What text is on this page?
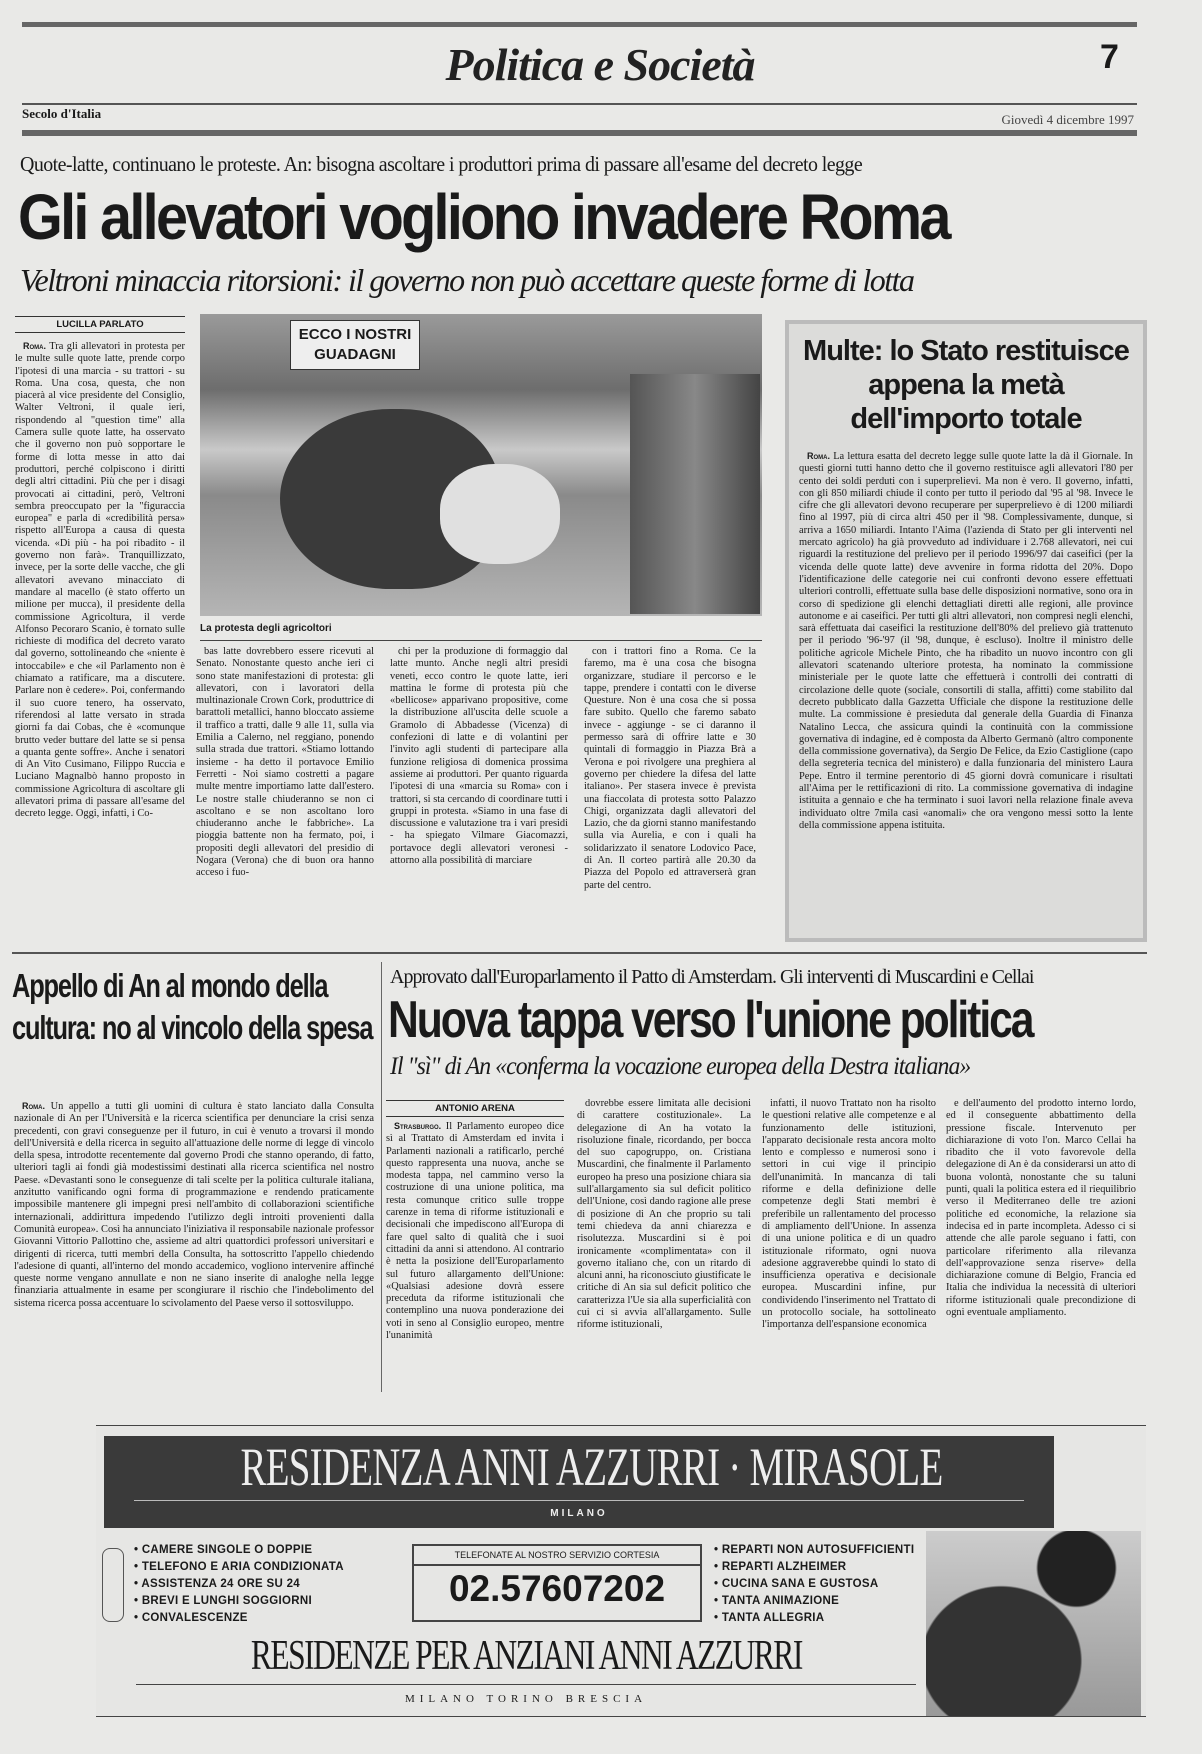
Politica e Società	7
Secolo d'Italia	Giovedì 4 dicembre 1997
Quote-latte, continuano le proteste. An: bisogna ascoltare i produttori prima di passare all'esame del decreto legge
Gli allevatori vogliono invadere Roma
Veltroni minaccia ritorsioni: il governo non può accettare queste forme di lotta
LUCILLA PARLATO

Roma. Tra gli allevatori in protesta per le multe sulle quote latte, prende corpo l'ipotesi di una marcia - su trattori - su Roma. Una cosa, questa, che non piacerà al vice presidente del Consiglio, Walter Veltroni, il quale ieri, rispondendo al "question time" alla Camera sulle quote latte, ha osservato che il governo non può sopportare le forme di lotta messe in atto dai produttori, perché colpiscono i diritti degli altri cittadini. Più che per i disagi provocati ai cittadini, però, Veltroni sembra preoccupato per la "figuraccia europea" e parla di «credibilità persa» rispetto all'Europa a causa di questa vicenda. «Di più - ha poi ribadito - il governo non farà». Tranquillizzato, invece, per la sorte delle vacche, che gli allevatori avevano minacciato di mandare al macello (è stato offerto un milione per mucca), il presidente della commissione Agricoltura, il verde Alfonso Pecoraro Scanio, è tornato sulle richieste di modifica del decreto varato dal governo, sottolineando che «niente è intoccabile» e che «il Parlamento non è chiamato a ratificare, ma a discutere. Parlare non è cedere». Poi, confermando il suo cuore tenero, ha osservato, riferendosi al latte versato in strada giorni fa dai Cobas, che è «comunque brutto veder buttare del latte se si pensa a quanta gente soffre». Anche i senatori di An Vito Cusimano, Filippo Ruccia e Luciano Magnalbò hanno proposto in commissione Agricoltura di ascoltare gli allevatori prima di passare all'esame del decreto legge. Oggi, infatti, i Co-

ECCO I NOSTRI GUADAGNI
La protesta degli agricoltori

bas latte dovrebbero essere ricevuti al Senato. Nonostante questo anche ieri ci sono state manifestazioni di protesta: gli allevatori, con i lavoratori della multinazionale Crown Cork, produttrice di barattoli metallici, hanno bloccato assieme il traffico a tratti, dalle 9 alle 11, sulla via Emilia a Calerno, nel reggiano, ponendo sulla strada due trattori. «Stiamo lottando insieme - ha detto il portavoce Emilio Ferretti - Noi siamo costretti a pagare multe mentre importiamo latte dall'estero. Le nostre stalle chiuderanno se non ci ascoltano e se non ascoltano loro chiuderanno anche le fabbriche». La pioggia battente non ha fermato, poi, i propositi degli allevatori del presidio di Nogara (Verona) che di buon ora hanno acceso i fuo-

chi per la produzione di formaggio dal latte munto. Anche negli altri presidi veneti, ecco contro le quote latte, ieri mattina le forme di protesta più che «bellicose» apparivano propositive, come la distribuzione all'uscita delle scuole a Gramolo di Abbadesse (Vicenza) di confezioni di latte e di volantini per l'invito agli studenti di partecipare alla funzione religiosa di domenica prossima assieme ai produttori. Per quanto riguarda l'ipotesi di una «marcia su Roma» con i trattori, si sta cercando di coordinare tutti i gruppi in protesta. «Siamo in una fase di discussione e valutazione tra i vari presidi - ha spiegato Vilmare Giacomazzi, portavoce degli allevatori veronesi - attorno alla possibilità di marciare

con i trattori fino a Roma. Ce la faremo, ma è una cosa che bisogna organizzare, studiare il percorso e le tappe, prendere i contatti con le diverse Questure. Non è una cosa che si possa fare subito. Quello che faremo sabato invece - aggiunge - se ci daranno il permesso sarà di offrire latte e 30 quintali di formaggio in Piazza Brà a Verona e poi rivolgere una preghiera al governo per chiedere la difesa del latte italiano». Per stasera invece è prevista una fiaccolata di protesta sotto Palazzo Chigi, organizzata dagli allevatori del Lazio, che da giorni stanno manifestando sulla via Aurelia, e con i quali ha solidarizzato il senatore Lodovico Pace, di An. Il corteo partirà alle 20.30 da Piazza del Popolo ed attraverserà gran parte del centro.

Multe: lo Stato restituisce appena la metà dell'importo totale

Roma. La lettura esatta del decreto legge sulle quote latte la dà il Giornale. In questi giorni tutti hanno detto che il governo restituisce agli allevatori l'80 per cento dei soldi perduti con i superprelievi. Ma non è vero. Il governo, infatti, con gli 850 miliardi chiude il conto per tutto il periodo dal '95 al '98. Invece le cifre che gli allevatori devono recuperare per superprelievo è di 1200 miliardi fino al 1997, più di circa altri 450 per il '98. Complessivamente, dunque, si arriva a 1650 miliardi. Intanto l'Aima (l'azienda di Stato per gli interventi nel mercato agricolo) ha già provveduto ad individuare i 2.768 allevatori, nei cui riguardi la restituzione del prelievo per il periodo 1996/97 dai caseifici (per la vicenda delle quote latte) deve avvenire in forma ridotta del 20%. Dopo l'identificazione delle categorie nei cui confronti devono essere effettuati ulteriori controlli, effettuate sulla base delle disposizioni normative, sono ora in corso di spedizione gli elenchi dettagliati diretti alle regioni, alle province autonome e ai caseifici. Per tutti gli altri allevatori, non compresi negli elenchi, sarà effettuata dai caseifici la restituzione dell'80% del prelievo già trattenuto per il periodo '96-'97 (il '98, dunque, è escluso). Inoltre il ministro delle politiche agricole Michele Pinto, che ha ribadito un nuovo incontro con gli allevatori scatenando ulteriore protesta, ha nominato la commissione ministeriale per le quote latte che effettuerà i controlli dei contratti di circolazione delle quote (sociale, consortili di stalla, affitti) come stabilito dal decreto pubblicato dalla Gazzetta Ufficiale che dispone la restituzione delle multe. La commissione è presieduta dal generale della Guardia di Finanza Natalino Lecca, che assicura quindi la continuità con la commissione governativa di indagine, ed è composta da Alberto Germanò (altro componente della commissione governativa), da Sergio De Felice, da Ezio Castiglione (capo della segreteria tecnica del ministero) e dalla funzionaria del ministero Laura Pepe. Entro il termine perentorio di 45 giorni dovrà comunicare i risultati all'Aima per le rettificazioni di rito. La commissione governativa di indagine istituita a gennaio e che ha terminato i suoi lavori nella relazione finale aveva individuato oltre 7mila casi «anomali» che ora vengono messi sotto la lente della commissione appena istituita.

Appello di An al mondo della cultura: no al vincolo della spesa

Roma. Un appello a tutti gli uomini di cultura è stato lanciato dalla Consulta nazionale di An per l'Università e la ricerca scientifica per denunciare la crisi senza precedenti, con gravi conseguenze per il futuro, in cui è venuto a trovarsi il mondo dell'Università e della ricerca in seguito all'attuazione delle norme di legge di vincolo della spesa, introdotte recentemente dal governo Prodi che stanno operando, di fatto, ulteriori tagli ai fondi già modestissimi destinati alla ricerca scientifica nel nostro Paese. «Devastanti sono le conseguenze di tali scelte per la politica culturale italiana, anzitutto vanificando ogni forma di programmazione e rendendo praticamente impossibile mantenere gli impegni presi nell'ambito di collaborazioni scientifiche internazionali, addirittura impedendo l'utilizzo degli introiti provenienti dalla Comunità europea». Così ha annunciato l'iniziativa il responsabile nazionale professor Giovanni Vittorio Pallottino che, assieme ad altri quattordici professori universitari e dirigenti di ricerca, tutti membri della Consulta, ha sottoscritto l'appello chiedendo l'adesione di quanti, all'interno del mondo accademico, vogliono intervenire affinché queste norme vengano annullate e non ne siano inserite di analoghe nella legge finanziaria attualmente in esame per scongiurare il rischio che l'indebolimento del sistema ricerca possa accentuare lo scivolamento del Paese verso il sottosviluppo.

Approvato dall'Europarlamento il Patto di Amsterdam. Gli interventi di Muscardini e Cellai
Nuova tappa verso l'unione politica
Il "sì" di An «conferma la vocazione europea della Destra italiana»
ANTONIO ARENA

Strasburgo. Il Parlamento europeo dice sì al Trattato di Amsterdam ed invita i Parlamenti nazionali a ratificarlo, perché questo rappresenta una nuova, anche se modesta tappa, nel cammino verso la costruzione di una unione politica, ma resta comunque critico sulle troppe carenze in tema di riforme istituzionali e decisionali che impediscono all'Europa di fare quel salto di qualità che i suoi cittadini da anni si attendono. Al contrario è netta la posizione dell'Europarlamento sul futuro allargamento dell'Unione: «Qualsiasi adesione dovrà essere preceduta da riforme istituzionali che contemplino una nuova ponderazione dei voti in seno al Consiglio europeo, mentre l'unanimità

dovrebbe essere limitata alle decisioni di carattere costituzionale». La delegazione di An ha votato la risoluzione finale, ricordando, per bocca del suo capogruppo, on. Cristiana Muscardini, che finalmente il Parlamento europeo ha preso una posizione chiara sia sull'allargamento sia sul deficit politico dell'Unione, così dando ragione alle prese di posizione di An che proprio su tali temi chiedeva da anni chiarezza e risolutezza. Muscardini si è poi ironicamente «complimentata» con il governo italiano che, con un ritardo di alcuni anni, ha riconosciuto giustificate le critiche di An sia sul deficit politico che caratterizza l'Ue sia alla superficialità con cui ci si avvia all'allargamento. Sulle riforme istituzionali,

infatti, il nuovo Trattato non ha risolto le questioni relative alle competenze e al funzionamento delle istituzioni, l'apparato decisionale resta ancora molto lento e complesso e numerosi sono i settori in cui vige il principio dell'unanimità. In mancanza di tali riforme e della definizione delle competenze degli Stati membri è preferibile un rallentamento del processo di ampliamento dell'Unione. In assenza di una unione politica e di un quadro istituzionale riformato, ogni nuova adesione aggraverebbe quindi lo stato di insufficienza operativa e decisionale europea. Muscardini infine, pur condividendo l'inserimento nel Trattato di un protocollo sociale, ha sottolineato l'importanza dell'espansione economica

e dell'aumento del prodotto interno lordo, ed il conseguente abbattimento della pressione fiscale. Intervenuto per dichiarazione di voto l'on. Marco Cellai ha ribadito che il voto favorevole della delegazione di An è da considerarsi un atto di buona volontà, nonostante che su taluni punti, quali la politica estera ed il riequilibrio verso il Mediterraneo delle tre azioni politiche ed economiche, la relazione sia indecisa ed in parte incompleta. Adesso ci si attende che alle parole seguano i fatti, con particolare riferimento alla rilevanza dell'«approvazione senza riserve» della dichiarazione comune di Belgio, Francia ed Italia che individua la necessità di ulteriori riforme istituzionali quale precondizione di ogni eventuale ampliamento.

RESIDENZA ANNI AZZURRI · MIRASOLE
MILANO
• CAMERE SINGOLE O DOPPIE
• TELEFONO E ARIA CONDIZIONATA
• ASSISTENZA 24 ORE SU 24
• BREVI E LUNGHI SOGGIORNI
• CONVALESCENZE
TELEFONATE AL NOSTRO SERVIZIO CORTESIA
02.57607202
• REPARTI NON AUTOSUFFICIENTI
• REPARTI ALZHEIMER
• CUCINA SANA E GUSTOSA
• TANTA ANIMAZIONE
• TANTA ALLEGRIA
RESIDENZE PER ANZIANI ANNI AZZURRI
MILANO TORINO BRESCIA
